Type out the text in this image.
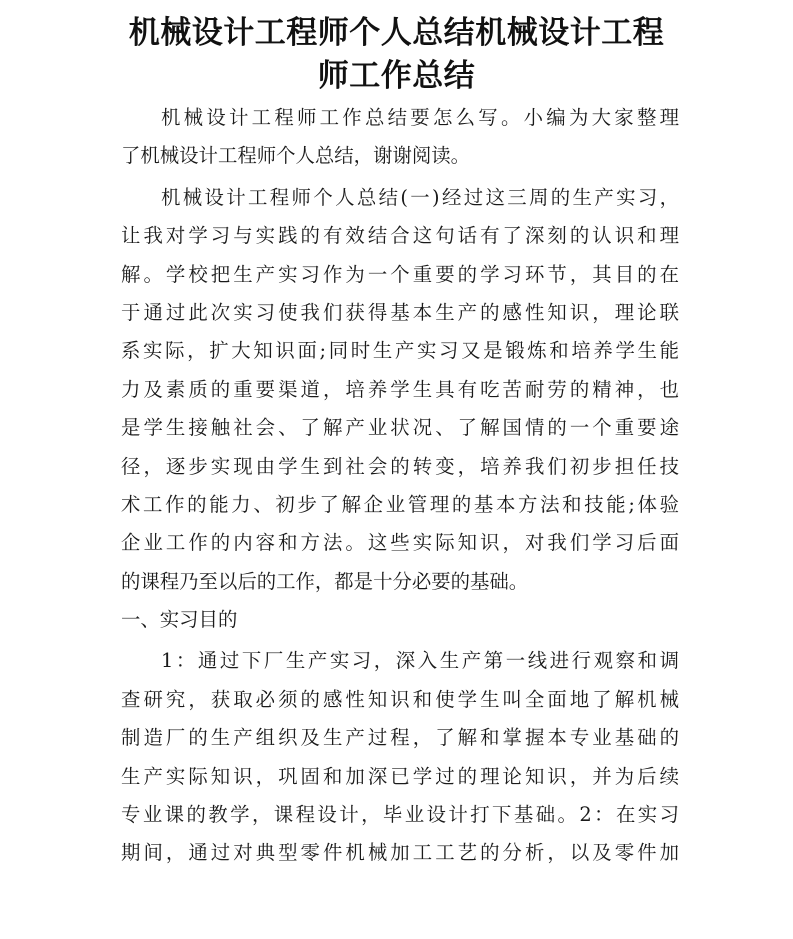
机械设计工程师个人总结机械设计工程
师工作总结
机械设计工程师工作总结要怎么写。小编为大家整理
了机械设计工程师个人总结，谢谢阅读。
机械设计工程师个人总结(一)经过这三周的生产实习，
让我对学习与实践的有效结合这句话有了深刻的认识和理
解。学校把生产实习作为一个重要的学习环节，其目的在
于通过此次实习使我们获得基本生产的感性知识，理论联
系实际，扩大知识面;同时生产实习又是锻炼和培养学生能
力及素质的重要渠道，培养学生具有吃苦耐劳的精神，也
是学生接触社会、了解产业状况、了解国情的一个重要途
径，逐步实现由学生到社会的转变，培养我们初步担任技
术工作的能力、初步了解企业管理的基本方法和技能;体验
企业工作的内容和方法。这些实际知识，对我们学习后面
的课程乃至以后的工作，都是十分必要的基础。
一、实习目的
1：通过下厂生产实习，深入生产第一线进行观察和调
查研究，获取必须的感性知识和使学生叫全面地了解机械
制造厂的生产组织及生产过程，了解和掌握本专业基础的
生产实际知识，巩固和加深已学过的理论知识，并为后续
专业课的教学，课程设计，毕业设计打下基础。2：在实习
期间，通过对典型零件机械加工工艺的分析，以及零件加
